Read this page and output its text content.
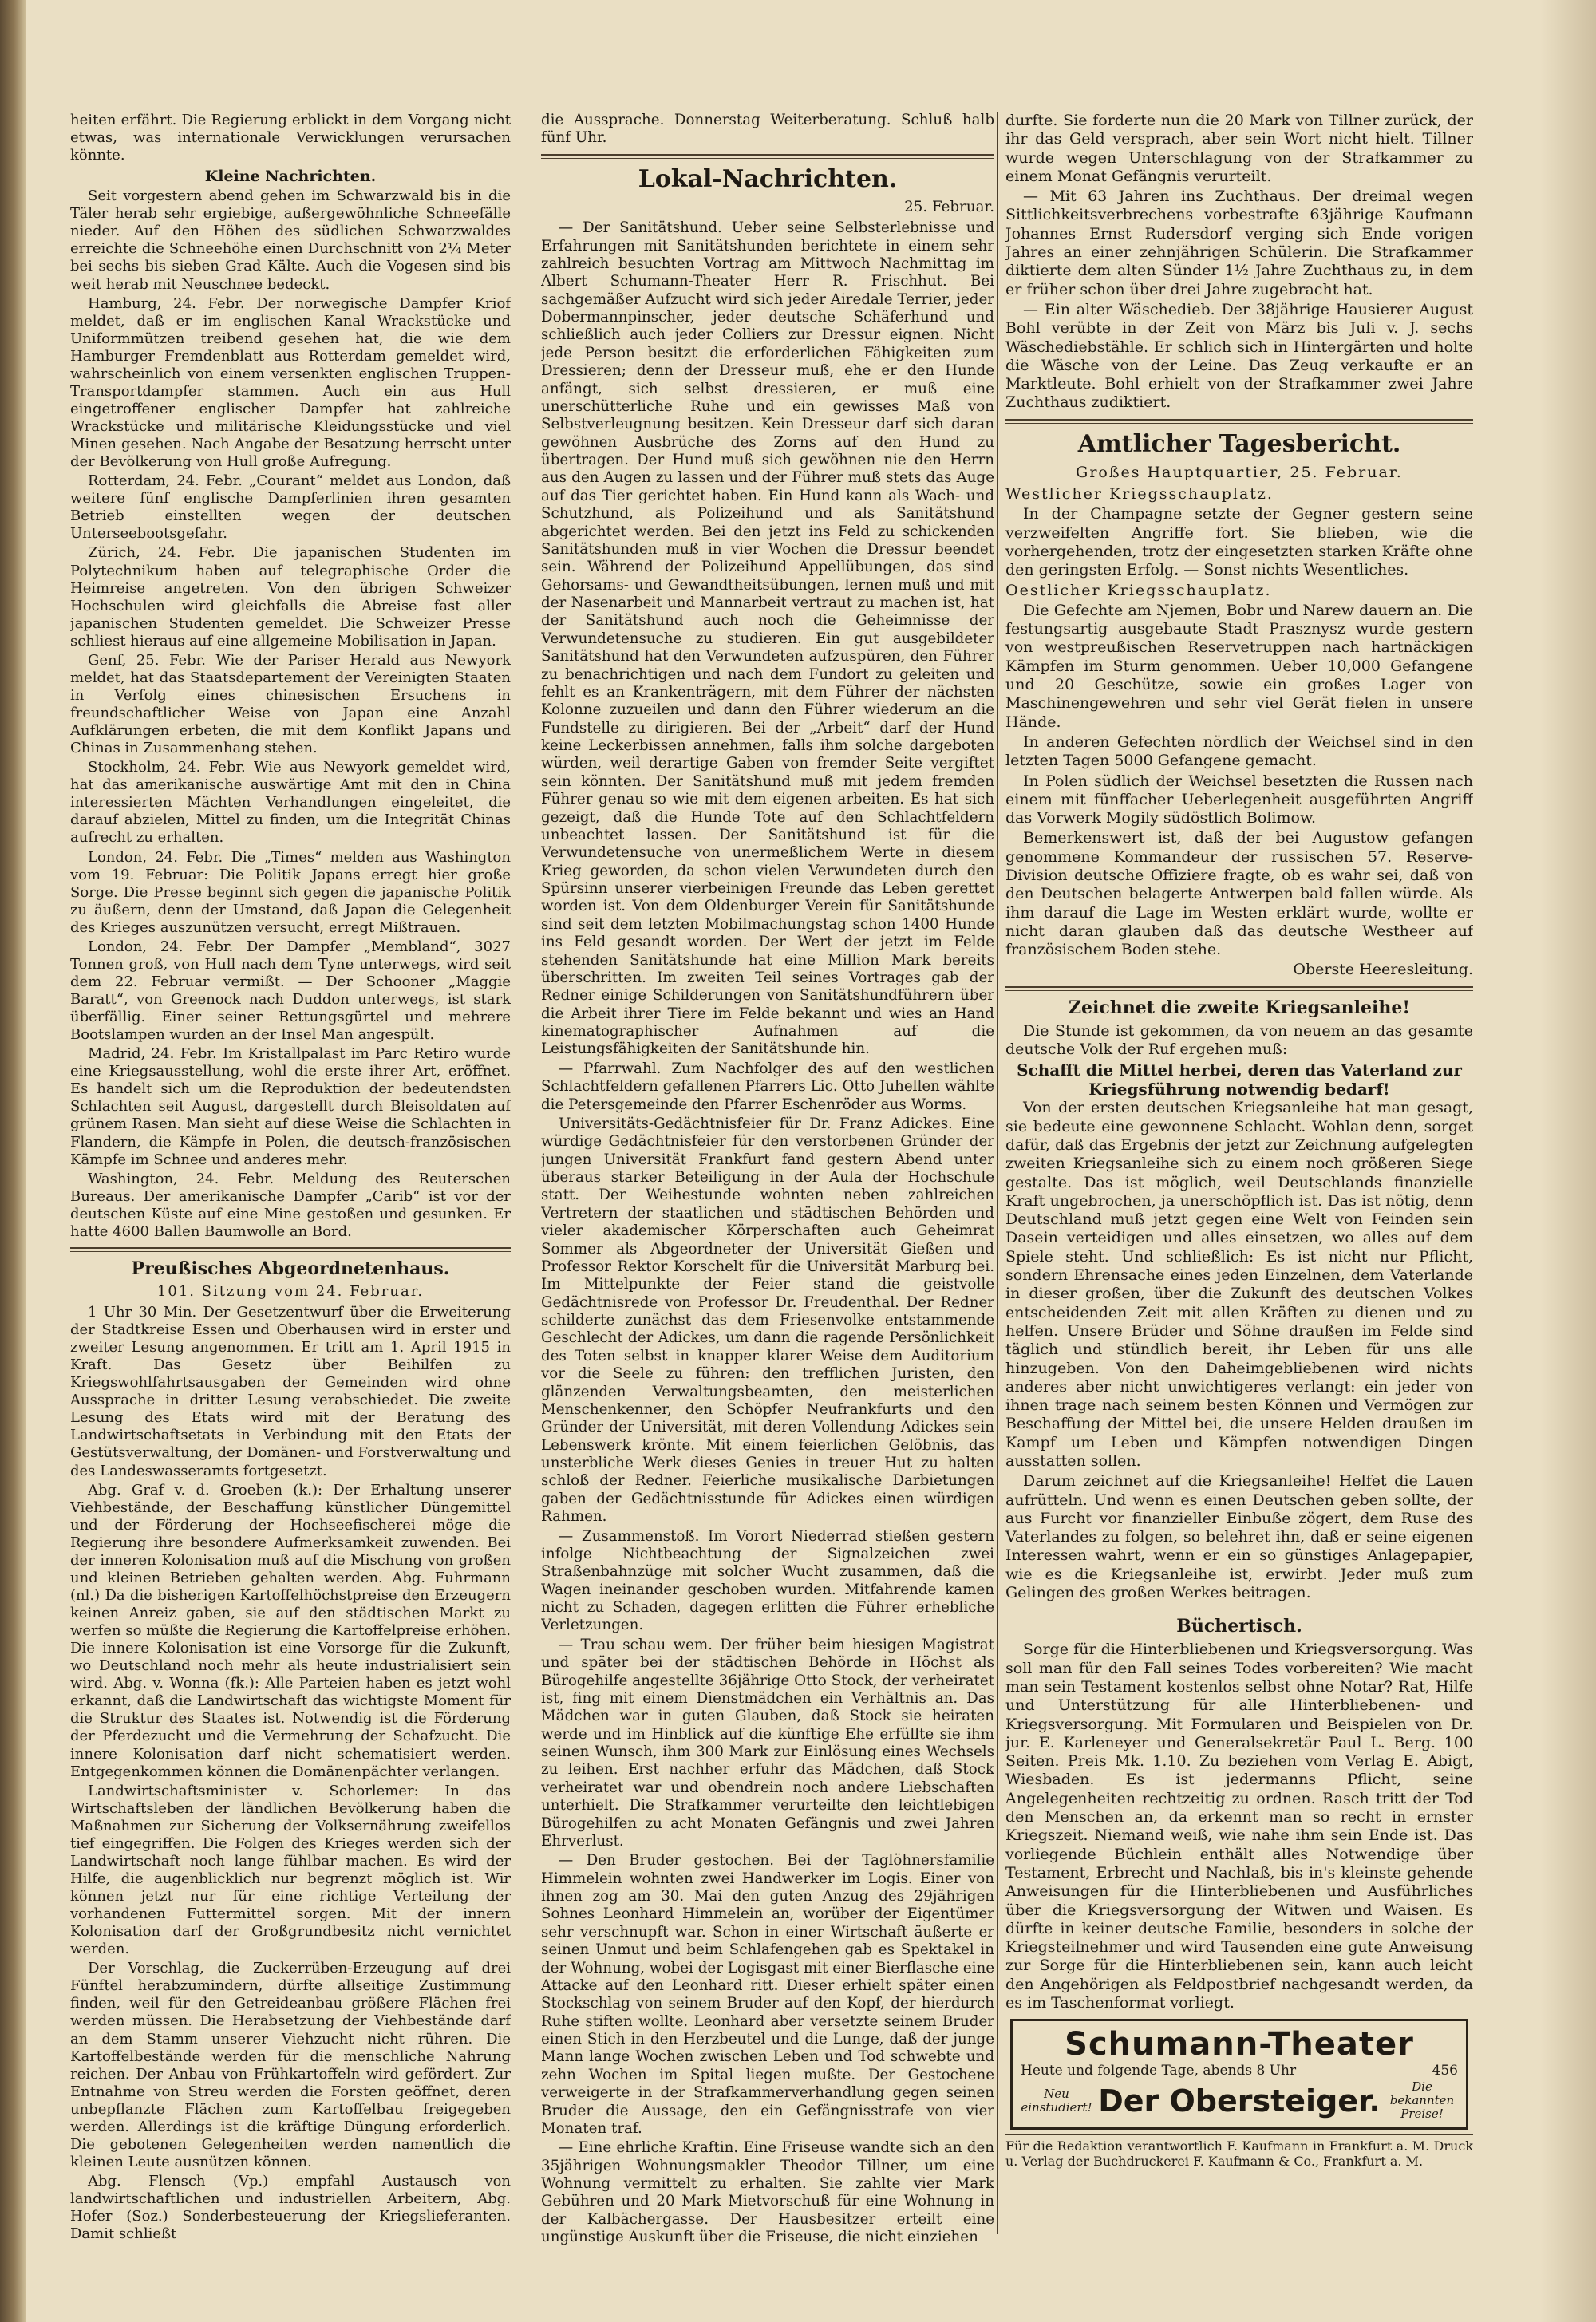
heiten erfährt. Die Regierung erblickt in dem Vorgang nicht etwas, was internationale Verwicklungen verursachen könnte.

Kleine Nachrichten.

Seit vorgestern abend gehen im Schwarzwald bis in die Täler herab sehr ergiebige, außergewöhnliche Schneefälle nieder. Auf den Höhen des südlichen Schwarzwaldes erreichte die Schneehöhe einen Durchschnitt von 2¼ Meter bei sechs bis sieben Grad Kälte. Auch die Vogesen sind bis weit herab mit Neuschnee bedeckt.

Hamburg, 24. Febr. Der norwegische Dampfer Kriof meldet, daß er im englischen Kanal Wrackstücke und Uniformmützen treibend gesehen hat, die wie dem Hamburger Fremdenblatt aus Rotterdam gemeldet wird, wahrscheinlich von einem versenkten englischen Truppen-Transportdampfer stammen. Auch ein aus Hull eingetroffener englischer Dampfer hat zahlreiche Wrackstücke und militärische Kleidungsstücke und viel Minen gesehen. Nach Angabe der Besatzung herrscht unter der Bevölkerung von Hull große Aufregung.

Rotterdam, 24. Febr. „Courant“ meldet aus London, daß weitere fünf englische Dampferlinien ihren gesamten Betrieb einstellten wegen der deutschen Unterseebootsgefahr.

Zürich, 24. Febr. Die japanischen Studenten im Polytechnikum haben auf telegraphische Order die Heimreise angetreten. Von den übrigen Schweizer Hochschulen wird gleichfalls die Abreise fast aller japanischen Studenten gemeldet. Die Schweizer Presse schliest hieraus auf eine allgemeine Mobilisation in Japan.

Genf, 25. Febr. Wie der Pariser Herald aus Newyork meldet, hat das Staatsdepartement der Vereinigten Staaten in Verfolg eines chinesischen Ersuchens in freundschaftlicher Weise von Japan eine Anzahl Aufklärungen erbeten, die mit dem Konflikt Japans und Chinas in Zusammenhang stehen.

Stockholm, 24. Febr. Wie aus Newyork gemeldet wird, hat das amerikanische auswärtige Amt mit den in China interessierten Mächten Verhandlungen eingeleitet, die darauf abzielen, Mittel zu finden, um die Integrität Chinas aufrecht zu erhalten.

London, 24. Febr. Die „Times“ melden aus Washington vom 19. Februar: Die Politik Japans erregt hier große Sorge. Die Presse beginnt sich gegen die japanische Politik zu äußern, denn der Umstand, daß Japan die Gelegenheit des Krieges auszunützen versucht, erregt Mißtrauen.

London, 24. Febr. Der Dampfer „Membland“, 3027 Tonnen groß, von Hull nach dem Tyne unterwegs, wird seit dem 22. Februar vermißt. — Der Schooner „Maggie Baratt“, von Greenock nach Duddon unterwegs, ist stark überfällig. Einer seiner Rettungsgürtel und mehrere Bootslampen wurden an der Insel Man angespült.

Madrid, 24. Febr. Im Kristallpalast im Parc Retiro wurde eine Kriegsausstellung, wohl die erste ihrer Art, eröffnet. Es handelt sich um die Reproduktion der bedeutendsten Schlachten seit August, dargestellt durch Bleisoldaten auf grünem Rasen. Man sieht auf diese Weise die Schlachten in Flandern, die Kämpfe in Polen, die deutsch-französischen Kämpfe im Schnee und anderes mehr.

Washington, 24. Febr. Meldung des Reuterschen Bureaus. Der amerikanische Dampfer „Carib“ ist vor der deutschen Küste auf eine Mine gestoßen und gesunken. Er hatte 4600 Ballen Baumwolle an Bord.

Preußisches Abgeordnetenhaus.
101. Sitzung vom 24. Februar.

1 Uhr 30 Min. Der Gesetzentwurf über die Erweiterung der Stadtkreise Essen und Oberhausen wird in erster und zweiter Lesung angenommen. Er tritt am 1. April 1915 in Kraft. Das Gesetz über Beihilfen zu Kriegswohlfahrtsausgaben der Gemeinden wird ohne Aussprache in dritter Lesung verabschiedet. Die zweite Lesung des Etats wird mit der Beratung des Landwirtschaftsetats in Verbindung mit den Etats der Gestütsverwaltung, der Domänen- und Forstverwaltung und des Landeswasseramts fortgesetzt.

Abg. Graf v. d. Groeben (k.): Der Erhaltung unserer Viehbestände, der Beschaffung künstlicher Düngemittel und der Förderung der Hochseefischerei möge die Regierung ihre besondere Aufmerksamkeit zuwenden. Bei der inneren Kolonisation muß auf die Mischung von großen und kleinen Betrieben gehalten werden. Abg. Fuhrmann (nl.) Da die bisherigen Kartoffelhöchstpreise den Erzeugern keinen Anreiz gaben, sie auf den städtischen Markt zu werfen so müßte die Regierung die Kartoffelpreise erhöhen. Die innere Kolonisation ist eine Vorsorge für die Zukunft, wo Deutschland noch mehr als heute industrialisiert sein wird. Abg. v. Wonna (fk.): Alle Parteien haben es jetzt wohl erkannt, daß die Landwirtschaft das wichtigste Moment für die Struktur des Staates ist. Notwendig ist die Förderung der Pferdezucht und die Vermehrung der Schafzucht. Die innere Kolonisation darf nicht schematisiert werden. Entgegenkommen können die Domänenpächter verlangen.

Landwirtschaftsminister v. Schorlemer: In das Wirtschaftsleben der ländlichen Bevölkerung haben die Maßnahmen zur Sicherung der Volksernährung zweifellos tief eingegriffen. Die Folgen des Krieges werden sich der Landwirtschaft noch lange fühlbar machen. Es wird der Hilfe, die augenblicklich nur begrenzt möglich ist. Wir können jetzt nur für eine richtige Verteilung der vorhandenen Futtermittel sorgen. Mit der innern Kolonisation darf der Großgrundbesitz nicht vernichtet werden.

Der Vorschlag, die Zuckerrüben-Erzeugung auf drei Fünftel herabzumindern, dürfte allseitige Zustimmung finden, weil für den Getreideanbau größere Flächen frei werden müssen. Die Herabsetzung der Viehbestände darf an dem Stamm unserer Viehzucht nicht rühren. Die Kartoffelbestände werden für die menschliche Nahrung reichen. Der Anbau von Frühkartoffeln wird gefördert. Zur Entnahme von Streu werden die Forsten geöffnet, deren unbepflanzte Flächen zum Kartoffelbau freigegeben werden. Allerdings ist die kräftige Düngung erforderlich. Die gebotenen Gelegenheiten werden namentlich die kleinen Leute ausnützen können.

Abg. Flensch (Vp.) empfahl Austausch von landwirtschaftlichen und industriellen Arbeitern, Abg. Hofer (Soz.) Sonderbesteuerung der Kriegslieferanten. Damit schließt

die Aussprache. Donnerstag Weiterberatung. Schluß halb fünf Uhr.

Lokal-Nachrichten.
25. Februar.

— Der Sanitätshund. Ueber seine Selbsterlebnisse und Erfahrungen mit Sanitätshunden berichtete in einem sehr zahlreich besuchten Vortrag am Mittwoch Nachmittag im Albert Schumann-Theater Herr R. Frischhut. Bei sachgemäßer Aufzucht wird sich jeder Airedale Terrier, jeder Dobermannpinscher, jeder deutsche Schäferhund und schließlich auch jeder Colliers zur Dressur eignen. Nicht jede Person besitzt die erforderlichen Fähigkeiten zum Dressieren; denn der Dresseur muß, ehe er den Hunde anfängt, sich selbst dressieren, er muß eine unerschütterliche Ruhe und ein gewisses Maß von Selbstverleugnung besitzen. Kein Dresseur darf sich daran gewöhnen Ausbrüche des Zorns auf den Hund zu übertragen. Der Hund muß sich gewöhnen nie den Herrn aus den Augen zu lassen und der Führer muß stets das Auge auf das Tier gerichtet haben. Ein Hund kann als Wach- und Schutzhund, als Polizeihund und als Sanitätshund abgerichtet werden. Bei den jetzt ins Feld zu schickenden Sanitätshunden muß in vier Wochen die Dressur beendet sein. Während der Polizeihund Appellübungen, das sind Gehorsams- und Gewandtheitsübungen, lernen muß und mit der Nasenarbeit und Mannarbeit vertraut zu machen ist, hat der Sanitätshund auch noch die Geheimnisse der Verwundetensuche zu studieren. Ein gut ausgebildeter Sanitätshund hat den Verwundeten aufzuspüren, den Führer zu benachrichtigen und nach dem Fundort zu geleiten und fehlt es an Krankenträgern, mit dem Führer der nächsten Kolonne zuzueilen und dann den Führer wiederum an die Fundstelle zu dirigieren. Bei der „Arbeit“ darf der Hund keine Leckerbissen annehmen, falls ihm solche dargeboten würden, weil derartige Gaben von fremder Seite vergiftet sein könnten. Der Sanitätshund muß mit jedem fremden Führer genau so wie mit dem eigenen arbeiten. Es hat sich gezeigt, daß die Hunde Tote auf den Schlachtfeldern unbeachtet lassen. Der Sanitätshund ist für die Verwundetensuche von unermeßlichem Werte in diesem Krieg geworden, da schon vielen Verwundeten durch den Spürsinn unserer vierbeinigen Freunde das Leben gerettet worden ist. Von dem Oldenburger Verein für Sanitätshunde sind seit dem letzten Mobilmachungstag schon 1400 Hunde ins Feld gesandt worden. Der Wert der jetzt im Felde stehenden Sanitätshunde hat eine Million Mark bereits überschritten. Im zweiten Teil seines Vortrages gab der Redner einige Schilderungen von Sanitätshundführern über die Arbeit ihrer Tiere im Felde bekannt und wies an Hand kinematographischer Aufnahmen auf die Leistungsfähigkeiten der Sanitätshunde hin.

— Pfarrwahl. Zum Nachfolger des auf den westlichen Schlachtfeldern gefallenen Pfarrers Lic. Otto Juhellen wählte die Petersgemeinde den Pfarrer Eschenröder aus Worms.

Universitäts-Gedächtnisfeier für Dr. Franz Adickes. Eine würdige Gedächtnisfeier für den verstorbenen Gründer der jungen Universität Frankfurt fand gestern Abend unter überaus starker Beteiligung in der Aula der Hochschule statt. Der Weihestunde wohnten neben zahlreichen Vertretern der staatlichen und städtischen Behörden und vieler akademischer Körperschaften auch Geheimrat Sommer als Abgeordneter der Universität Gießen und Professor Rektor Korschelt für die Universität Marburg bei. Im Mittelpunkte der Feier stand die geistvolle Gedächtnisrede von Professor Dr. Freudenthal. Der Redner schilderte zunächst das dem Friesenvolke entstammende Geschlecht der Adickes, um dann die ragende Persönlichkeit des Toten selbst in knapper klarer Weise dem Auditorium vor die Seele zu führen: den trefflichen Juristen, den glänzenden Verwaltungsbeamten, den meisterlichen Menschenkenner, den Schöpfer Neufrankfurts und den Gründer der Universität, mit deren Vollendung Adickes sein Lebenswerk krönte. Mit einem feierlichen Gelöbnis, das unsterbliche Werk dieses Genies in treuer Hut zu halten schloß der Redner. Feierliche musikalische Darbietungen gaben der Gedächtnisstunde für Adickes einen würdigen Rahmen.

— Zusammenstoß. Im Vorort Niederrad stießen gestern infolge Nichtbeachtung der Signalzeichen zwei Straßenbahnzüge mit solcher Wucht zusammen, daß die Wagen ineinander geschoben wurden. Mitfahrende kamen nicht zu Schaden, dagegen erlitten die Führer erhebliche Verletzungen.

— Trau schau wem. Der früher beim hiesigen Magistrat und später bei der städtischen Behörde in Höchst als Bürogehilfe angestellte 36jährige Otto Stock, der verheiratet ist, fing mit einem Dienstmädchen ein Verhältnis an. Das Mädchen war in guten Glauben, daß Stock sie heiraten werde und im Hinblick auf die künftige Ehe erfüllte sie ihm seinen Wunsch, ihm 300 Mark zur Einlösung eines Wechsels zu leihen. Erst nachher erfuhr das Mädchen, daß Stock verheiratet war und obendrein noch andere Liebschaften unterhielt. Die Strafkammer verurteilte den leichtlebigen Bürogehilfen zu acht Monaten Gefängnis und zwei Jahren Ehrverlust.

— Den Bruder gestochen. Bei der Taglöhnersfamilie Himmelein wohnten zwei Handwerker im Logis. Einer von ihnen zog am 30. Mai den guten Anzug des 29jährigen Sohnes Leonhard Himmelein an, worüber der Eigentümer sehr verschnupft war. Schon in einer Wirtschaft äußerte er seinen Unmut und beim Schlafengehen gab es Spektakel in der Wohnung, wobei der Logisgast mit einer Bierflasche eine Attacke auf den Leonhard ritt. Dieser erhielt später einen Stockschlag von seinem Bruder auf den Kopf, der hierdurch Ruhe stiften wollte. Leonhard aber versetzte seinem Bruder einen Stich in den Herzbeutel und die Lunge, daß der junge Mann lange Wochen zwischen Leben und Tod schwebte und zehn Wochen im Spital liegen mußte. Der Gestochene verweigerte in der Strafkammerverhandlung gegen seinen Bruder die Aussage, den ein Gefängnisstrafe von vier Monaten traf.

— Eine ehrliche Kraftin. Eine Friseuse wandte sich an den 35jährigen Wohnungsmakler Theodor Tillner, um eine Wohnung vermittelt zu erhalten. Sie zahlte vier Mark Gebühren und 20 Mark Mietvorschuß für eine Wohnung in der Kalbächergasse. Der Hausbesitzer erteilt eine ungünstige Auskunft über die Friseuse, die nicht einziehen

durfte. Sie forderte nun die 20 Mark von Tillner zurück, der ihr das Geld versprach, aber sein Wort nicht hielt. Tillner wurde wegen Unterschlagung von der Strafkammer zu einem Monat Gefängnis verurteilt.

— Mit 63 Jahren ins Zuchthaus. Der dreimal wegen Sittlichkeitsverbrechens vorbestrafte 63jährige Kaufmann Johannes Ernst Rudersdorf verging sich Ende vorigen Jahres an einer zehnjährigen Schülerin. Die Strafkammer diktierte dem alten Sünder 1½ Jahre Zuchthaus zu, in dem er früher schon über drei Jahre zugebracht hat.

— Ein alter Wäschedieb. Der 38jährige Hausierer August Bohl verübte in der Zeit von März bis Juli v. J. sechs Wäschediebstähle. Er schlich sich in Hintergärten und holte die Wäsche von der Leine. Das Zeug verkaufte er an Marktleute. Bohl erhielt von der Strafkammer zwei Jahre Zuchthaus zudiktiert.

Amtlicher Tagesbericht.
Großes Hauptquartier, 25. Februar.

Westlicher Kriegsschauplatz.

In der Champagne setzte der Gegner gestern seine verzweifelten Angriffe fort. Sie blieben, wie die vorhergehenden, trotz der eingesetzten starken Kräfte ohne den geringsten Erfolg. — Sonst nichts Wesentliches.

Oestlicher Kriegsschauplatz.

Die Gefechte am Njemen, Bobr und Narew dauern an. Die festungsartig ausgebaute Stadt Prasznysz wurde gestern von westpreußischen Reservetruppen nach hartnäckigen Kämpfen im Sturm genommen. Ueber 10,000 Gefangene und 20 Geschütze, sowie ein großes Lager von Maschinengewehren und sehr viel Gerät fielen in unsere Hände.

In anderen Gefechten nördlich der Weichsel sind in den letzten Tagen 5000 Gefangene gemacht.

In Polen südlich der Weichsel besetzten die Russen nach einem mit fünffacher Ueberlegenheit ausgeführten Angriff das Vorwerk Mogily südöstlich Bolimow.

Bemerkenswert ist, daß der bei Augustow gefangen genommene Kommandeur der russischen 57. Reserve-Division deutsche Offiziere fragte, ob es wahr sei, daß von den Deutschen belagerte Antwerpen bald fallen würde. Als ihm darauf die Lage im Westen erklärt wurde, wollte er nicht daran glauben daß das deutsche Westheer auf französischem Boden stehe.

Oberste Heeresleitung.
Zeichnet die zweite Kriegsanleihe!

Die Stunde ist gekommen, da von neuem an das gesamte deutsche Volk der Ruf ergehen muß:

Schafft die Mittel herbei, deren das Vaterland zur Kriegsführung notwendig bedarf!

Von der ersten deutschen Kriegsanleihe hat man gesagt, sie bedeute eine gewonnene Schlacht. Wohlan denn, sorget dafür, daß das Ergebnis der jetzt zur Zeichnung aufgelegten zweiten Kriegsanleihe sich zu einem noch größeren Siege gestalte. Das ist möglich, weil Deutschlands finanzielle Kraft ungebrochen, ja unerschöpflich ist. Das ist nötig, denn Deutschland muß jetzt gegen eine Welt von Feinden sein Dasein verteidigen und alles einsetzen, wo alles auf dem Spiele steht. Und schließlich: Es ist nicht nur Pflicht, sondern Ehrensache eines jeden Einzelnen, dem Vaterlande in dieser großen, über die Zukunft des deutschen Volkes entscheidenden Zeit mit allen Kräften zu dienen und zu helfen. Unsere Brüder und Söhne draußen im Felde sind täglich und stündlich bereit, ihr Leben für uns alle hinzugeben. Von den Daheimgebliebenen wird nichts anderes aber nicht unwichtigeres verlangt: ein jeder von ihnen trage nach seinem besten Können und Vermögen zur Beschaffung der Mittel bei, die unsere Helden draußen im Kampf um Leben und Kämpfen notwendigen Dingen ausstatten sollen.

Darum zeichnet auf die Kriegsanleihe! Helfet die Lauen aufrütteln. Und wenn es einen Deutschen geben sollte, der aus Furcht vor finanzieller Einbuße zögert, dem Ruse des Vaterlandes zu folgen, so belehret ihn, daß er seine eigenen Interessen wahrt, wenn er ein so günstiges Anlagepapier, wie es die Kriegsanleihe ist, erwirbt. Jeder muß zum Gelingen des großen Werkes beitragen.

Büchertisch.

Sorge für die Hinterbliebenen und Kriegsversorgung. Was soll man für den Fall seines Todes vorbereiten? Wie macht man sein Testament kostenlos selbst ohne Notar? Rat, Hilfe und Unterstützung für alle Hinterbliebenen- und Kriegsversorgung. Mit Formularen und Beispielen von Dr. jur. E. Karleneyer und Generalsekretär Paul L. Berg. 100 Seiten. Preis Mk. 1.10. Zu beziehen vom Verlag E. Abigt, Wiesbaden. Es ist jedermanns Pflicht, seine Angelegenheiten rechtzeitig zu ordnen. Rasch tritt der Tod den Menschen an, da erkennt man so recht in ernster Kriegszeit. Niemand weiß, wie nahe ihm sein Ende ist. Das vorliegende Büchlein enthält alles Notwendige über Testament, Erbrecht und Nachlaß, bis in's kleinste gehende Anweisungen für die Hinterbliebenen und Ausführliches über die Kriegsversorgung der Witwen und Waisen. Es dürfte in keiner deutsche Familie, besonders in solche der Kriegsteilnehmer und wird Tausenden eine gute Anweisung zur Sorge für die Hinterbliebenen sein, kann auch leicht den Angehörigen als Feldpostbrief nachgesandt werden, da es im Taschenformat vorliegt.

Schumann-Theater
Heute und folgende Tage, abends 8 Uhr	456
Neu einstudiert! Der Obersteiger.	Die bekannten Preise!

Für die Redaktion verantwortlich F. Kaufmann in Frankfurt a. M. Druck u. Verlag der Buchdruckerei F. Kaufmann & Co., Frankfurt a. M.
